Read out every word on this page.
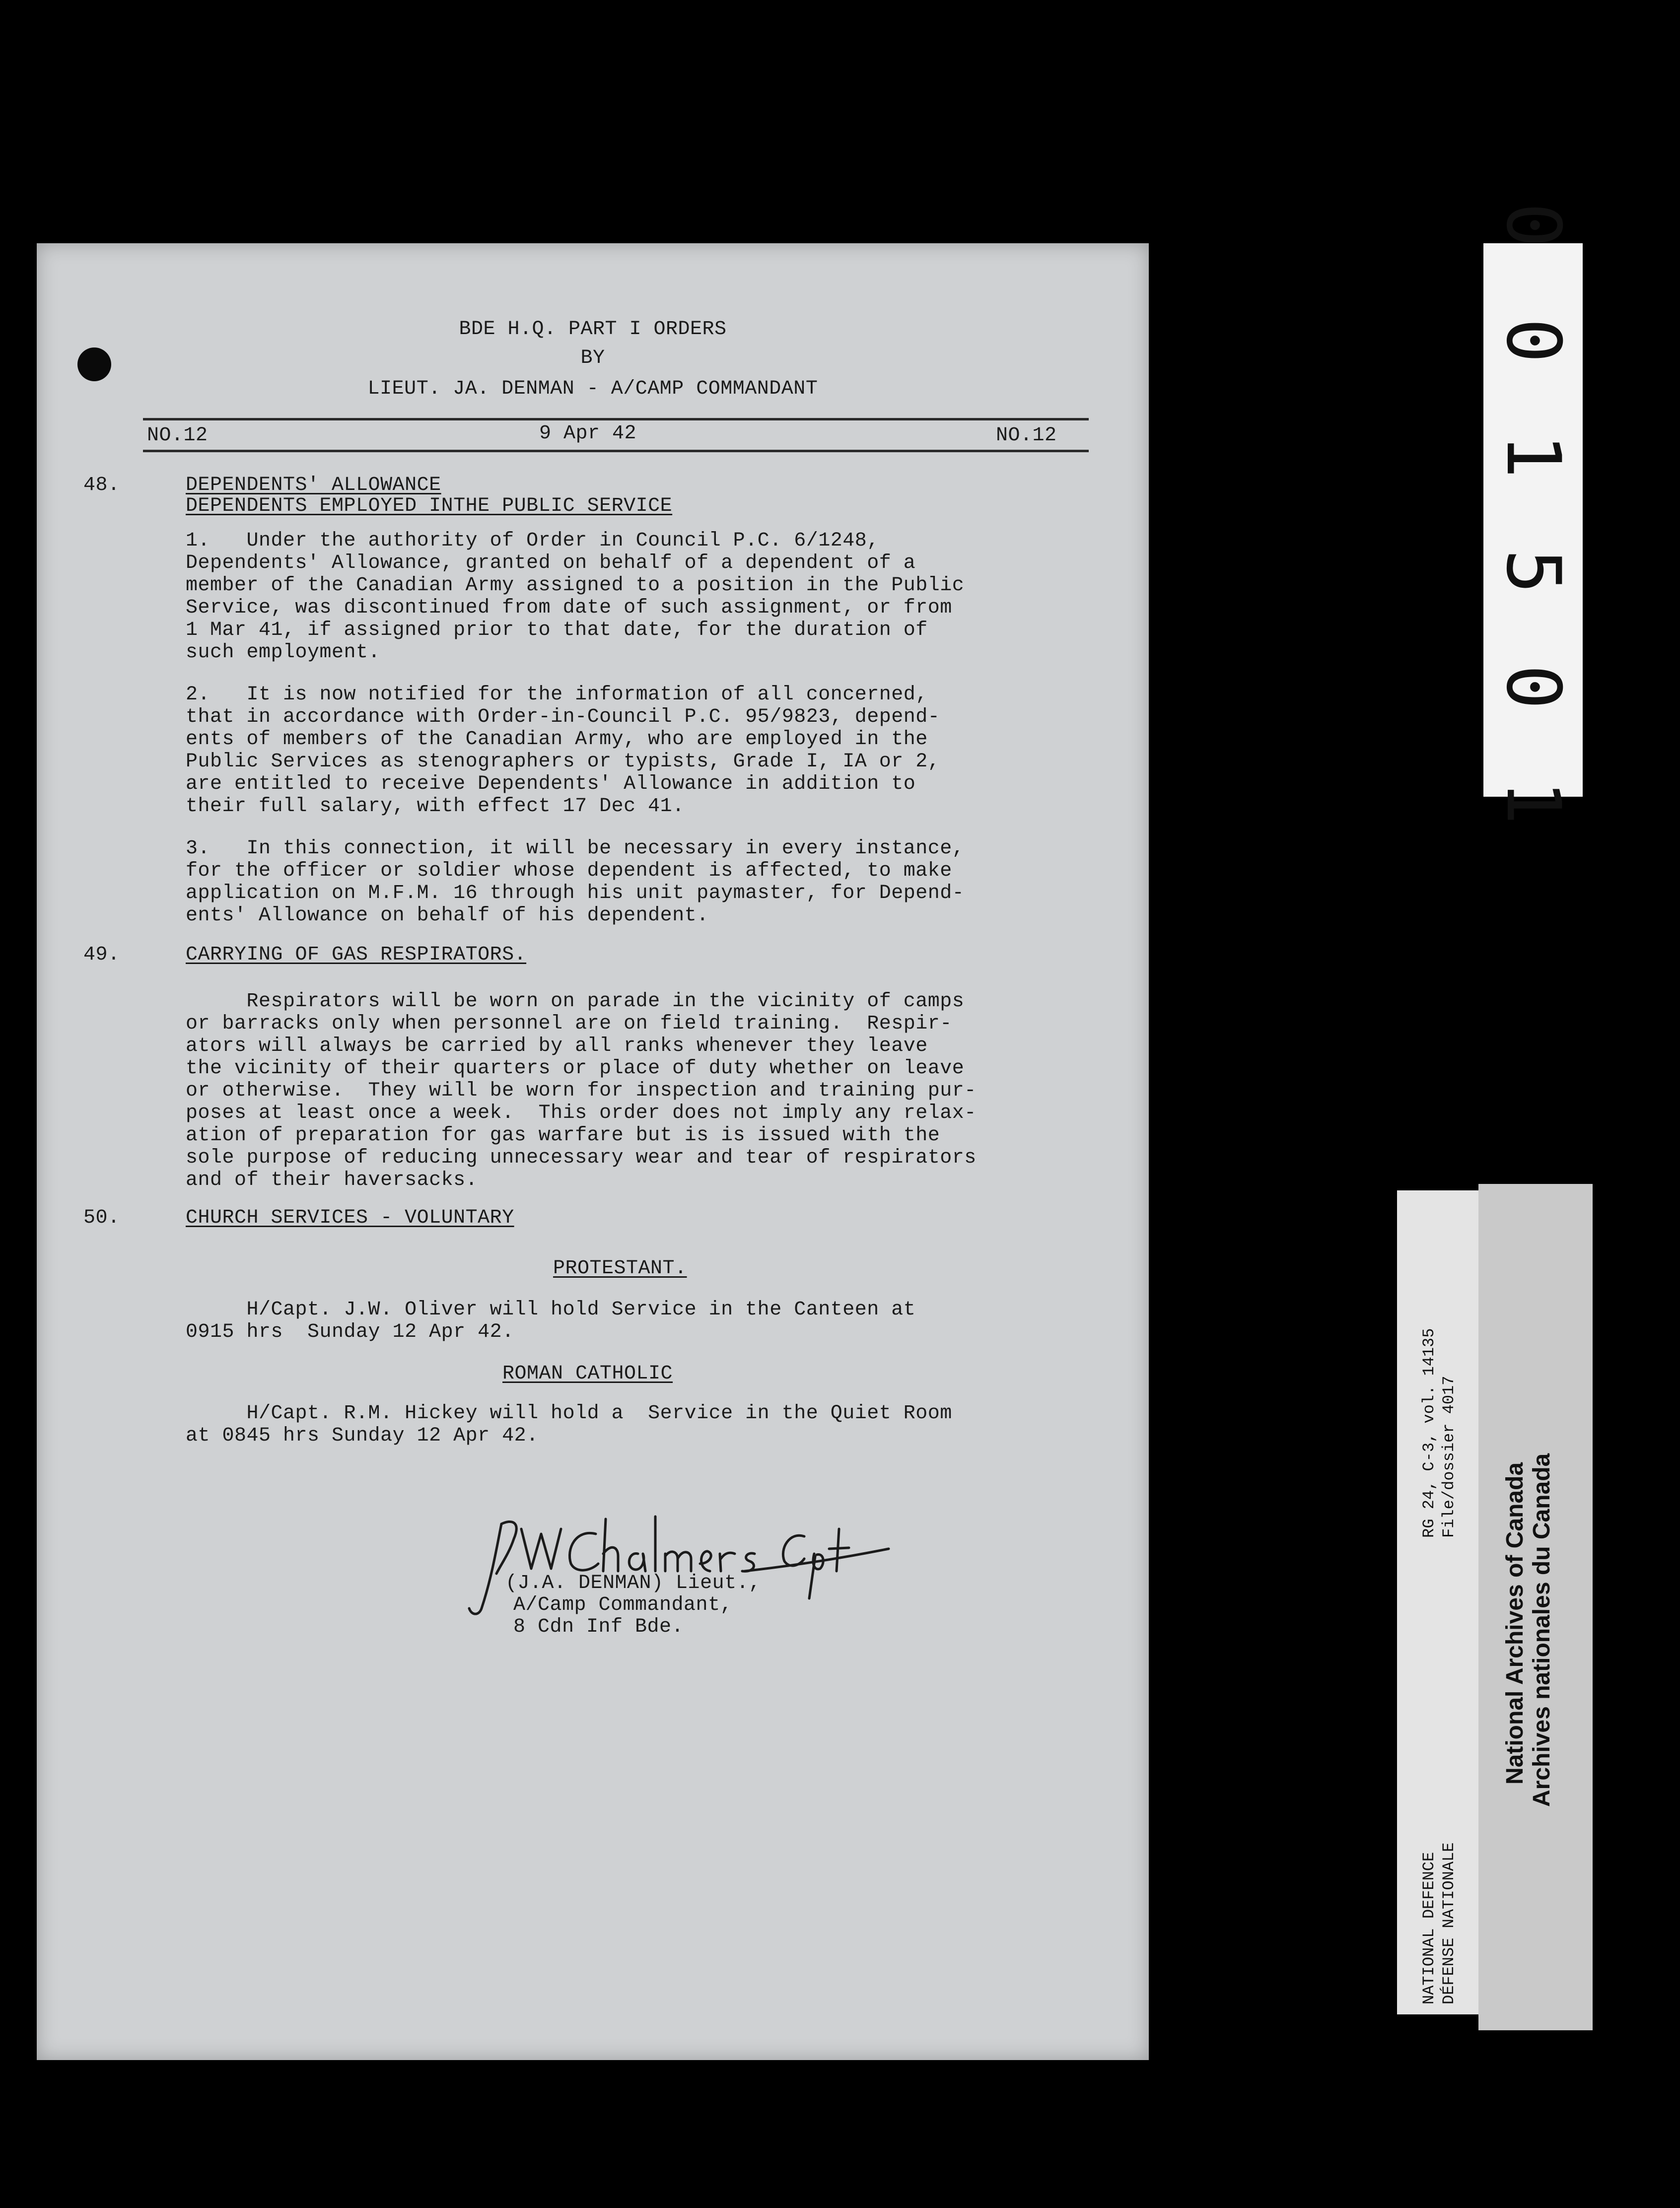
BDE H.Q. PART I ORDERS
BY
LIEUT. JA. DENMAN - A/CAMP COMMANDANT
NO.12	9 Apr 42	NO.12
48.	DEPENDENTS' ALLOWANCE
DEPENDENTS EMPLOYED INTHE PUBLIC SERVICE
1.   Under the authority of Order in Council P.C. 6/1248,
Dependents' Allowance, granted on behalf of a dependent of a
member of the Canadian Army assigned to a position in the Public
Service, was discontinued from date of such assignment, or from
1 Mar 41, if assigned prior to that date, for the duration of
such employment.
2.   It is now notified for the information of all concerned,
that in accordance with Order-in-Council P.C. 95/9823, depend-
ents of members of the Canadian Army, who are employed in the
Public Services as stenographers or typists, Grade I, IA or 2,
are entitled to receive Dependents' Allowance in addition to
their full salary, with effect 17 Dec 41.
3.   In this connection, it will be necessary in every instance,
for the officer or soldier whose dependent is affected, to make
application on M.F.M. 16 through his unit paymaster, for Depend-
ents' Allowance on behalf of his dependent.
49.	CARRYING OF GAS RESPIRATORS.
Respirators will be worn on parade in the vicinity of camps
or barracks only when personnel are on field training.  Respir-
ators will always be carried by all ranks whenever they leave
the vicinity of their quarters or place of duty whether on leave
or otherwise.  They will be worn for inspection and training pur-
poses at least once a week.  This order does not imply any relax-
ation of preparation for gas warfare but is is issued with the
sole purpose of reducing unnecessary wear and tear of respirators
and of their haversacks.
50.	CHURCH SERVICES - VOLUNTARY
PROTESTANT.
H/Capt. J.W. Oliver will hold Service in the Canteen at
0915 hrs  Sunday 12 Apr 42.
ROMAN CATHOLIC
H/Capt. R.M. Hickey will hold a  Service in the Quiet Room
at 0845 hrs Sunday 12 Apr 42.
(J.A. DENMAN) Lieut.,
A/Camp Commandant,
8 Cdn Inf Bde.
0 0 1 5 0 1
RG 24, C-3, vol. 14135 File/dossier 4017
NATIONAL DEFENCE DÉFENSE NATIONALE
National Archives of Canada Archives nationales du Canada
